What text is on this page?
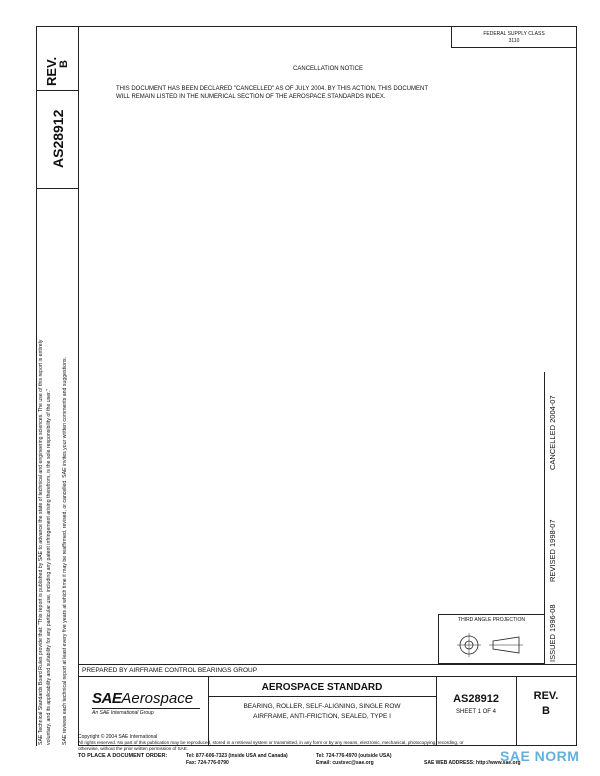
REV. B
AS28912
SAE Technical Standards Board Rules provide that: "This report is published by SAE to advance the state of technical and engineering sciences. The use of this report is entirely voluntary, and its applicability and suitability for any particular use, including any patent infringement arising therefrom, is the sole responsibility of the user." SAE reviews each technical report at least every five years at which time it may be reaffirmed, revised, or cancelled. SAE invites your written comments and suggestions.
FEDERAL SUPPLY CLASS
3110
CANCELLATION NOTICE
THIS DOCUMENT HAS BEEN DECLARED "CANCELLED" AS OF JULY 2004. BY THIS ACTION, THIS DOCUMENT
WILL REMAIN LISTED IN THE NUMERICAL SECTION OF THE AEROSPACE STANDARDS INDEX.
CANCELLED 2004-07
REVISED 1998-07
ISSUED 1996-08
THIRD ANGLE PROJECTION
PREPARED BY AIRFRAME CONTROL BEARINGS GROUP
SAEAerospace
An SAE International Group
AEROSPACE STANDARD
BEARING, ROLLER, SELF-ALIGNING, SINGLE ROW
AIRFRAME, ANTI-FRICTION, SEALED, TYPE I
AS28912
SHEET 1 OF 4
REV.
B
Copyright © 2004 SAE International
All rights reserved. No part of this publication may be reproduced, stored in a retrieval system or transmitted, in any form or by any means, electronic, mechanical, photocopying, recording, or
otherwise, without the prior written permission of SAE.
TO PLACE A DOCUMENT ORDER:	Tel: 877-606-7323 (inside USA and Canada)	Tel: 724-776-4970 (outside USA)
Fax: 724-776-0790	Email: custsvc@sae.org	SAE WEB ADDRESS: http://www.sae.org
SAE NORM
